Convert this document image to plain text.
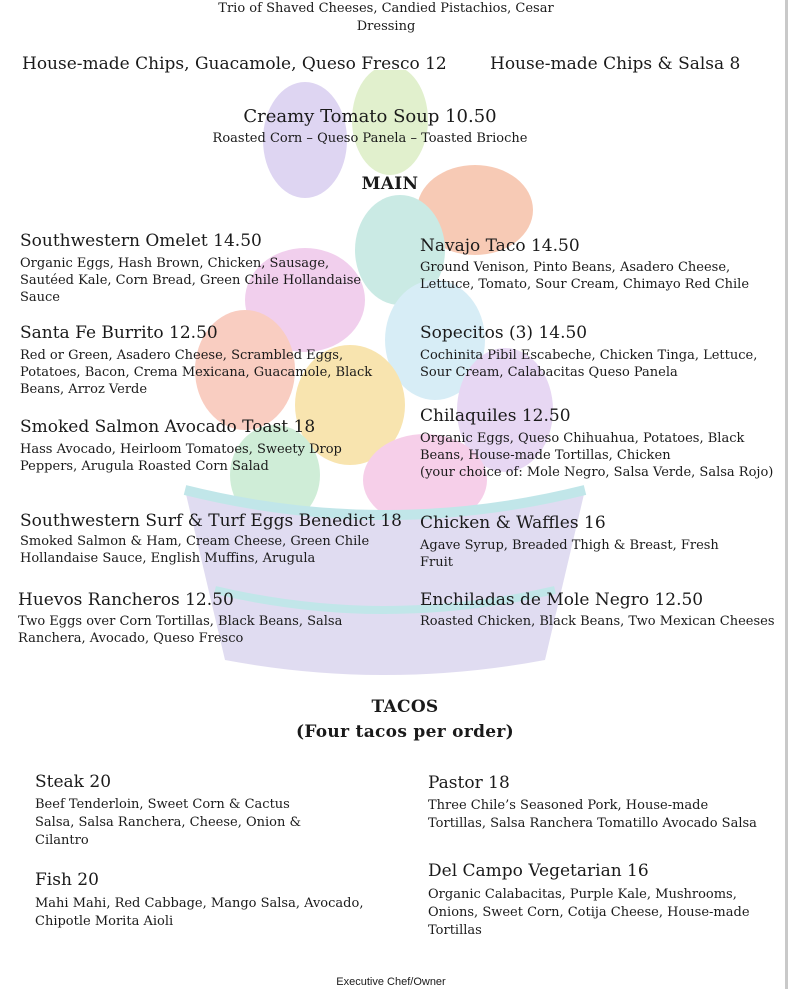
Trio of Shaved Cheeses, Candied Pistachios, Cesar
Dressing
House-made Chips, Guacamole, Queso Fresco 12	House-made Chips & Salsa 8
Creamy Tomato Soup 10.50
Roasted Corn – Queso Panela – Toasted Brioche
MAIN
Southwestern Omelet 14.50
Organic Eggs, Hash Brown, Chicken, Sausage,
Sautéed Kale, Corn Bread, Green Chile Hollandaise
Sauce
Santa Fe Burrito 12.50
Red or Green, Asadero Cheese, Scrambled Eggs,
Potatoes, Bacon, Crema Mexicana, Guacamole, Black
Beans, Arroz Verde
Smoked Salmon Avocado Toast 18
Hass Avocado, Heirloom Tomatoes, Sweety Drop
Peppers, Arugula Roasted Corn Salad
Southwestern Surf & Turf Eggs Benedict 18
Smoked Salmon & Ham, Cream Cheese, Green Chile
Hollandaise Sauce, English Muffins, Arugula
Huevos Rancheros 12.50
Two Eggs over Corn Tortillas, Black Beans, Salsa
Ranchera, Avocado, Queso Fresco
Navajo Taco 14.50
Ground Venison, Pinto Beans, Asadero Cheese,
Lettuce, Tomato, Sour Cream, Chimayo Red Chile
Sopecitos (3) 14.50
Cochinita Pibil Escabeche, Chicken Tinga, Lettuce,
Sour Cream, Calabacitas Queso Panela
Chilaquiles 12.50
Organic Eggs, Queso Chihuahua, Potatoes, Black
Beans, House-made Tortillas, Chicken
(your choice of: Mole Negro, Salsa Verde, Salsa Rojo)
Chicken & Waffles 16
Agave Syrup, Breaded Thigh & Breast, Fresh
Fruit
Enchiladas de Mole Negro 12.50
Roasted Chicken, Black Beans, Two Mexican Cheeses
TACOS
(Four tacos per order)
Steak 20
Beef Tenderloin, Sweet Corn & Cactus
Salsa, Salsa Ranchera, Cheese, Onion &
Cilantro
Fish 20
Mahi Mahi, Red Cabbage, Mango Salsa, Avocado,
Chipotle Morita Aioli
Pastor 18
Three Chile’s Seasoned Pork, House-made
Tortillas, Salsa Ranchera Tomatillo Avocado Salsa
Del Campo Vegetarian 16
Organic Calabacitas, Purple Kale, Mushrooms,
Onions, Sweet Corn, Cotija Cheese, House-made
Tortillas
Executive Chef/Owner
